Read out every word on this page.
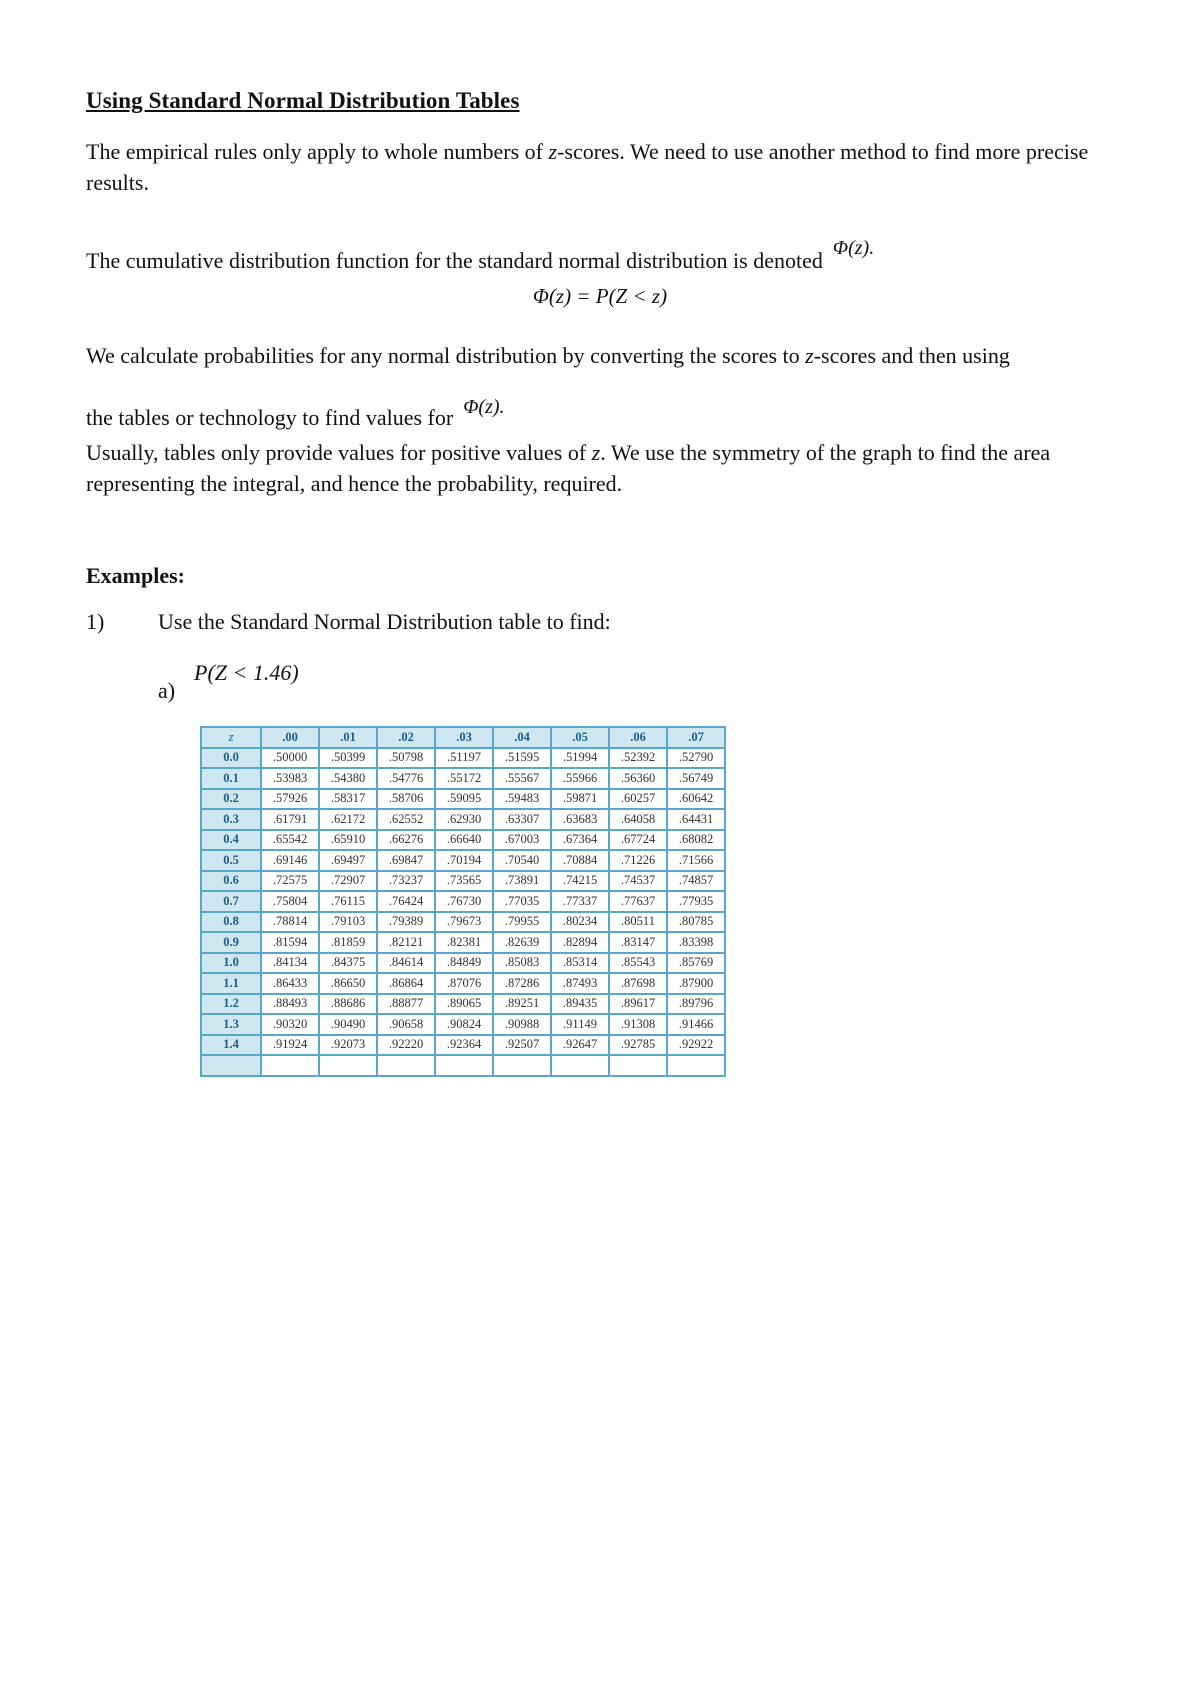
Using Standard Normal Distribution Tables
The empirical rules only apply to whole numbers of z-scores. We need to use another method to find more precise results.
The cumulative distribution function for the standard normal distribution is denoted Φ(z).
Φ(z) = P(Z < z)
We calculate probabilities for any normal distribution by converting the scores to z-scores and then using
the tables or technology to find values for Φ(z).
Usually, tables only provide values for positive values of z. We use the symmetry of the graph to find the area representing the integral, and hence the probability, required.
Examples:
1) Use the Standard Normal Distribution table to find:
P(Z < 1.46)
a)
z	.00	.01	.02	.03	.04	.05	.06	.07
0.0	.50000	.50399	.50798	.51197	.51595	.51994	.52392	.52790
0.1	.53983	.54380	.54776	.55172	.55567	.55966	.56360	.56749
0.2	.57926	.58317	.58706	.59095	.59483	.59871	.60257	.60642
0.3	.61791	.62172	.62552	.62930	.63307	.63683	.64058	.64431
0.4	.65542	.65910	.66276	.66640	.67003	.67364	.67724	.68082
0.5	.69146	.69497	.69847	.70194	.70540	.70884	.71226	.71566
0.6	.72575	.72907	.73237	.73565	.73891	.74215	.74537	.74857
0.7	.75804	.76115	.76424	.76730	.77035	.77337	.77637	.77935
0.8	.78814	.79103	.79389	.79673	.79955	.80234	.80511	.80785
0.9	.81594	.81859	.82121	.82381	.82639	.82894	.83147	.83398
1.0	.84134	.84375	.84614	.84849	.85083	.85314	.85543	.85769
1.1	.86433	.86650	.86864	.87076	.87286	.87493	.87698	.87900
1.2	.88493	.88686	.88877	.89065	.89251	.89435	.89617	.89796
1.3	.90320	.90490	.90658	.90824	.90988	.91149	.91308	.91466
1.4	.91924	.92073	.92220	.92364	.92507	.92647	.92785	.92922
